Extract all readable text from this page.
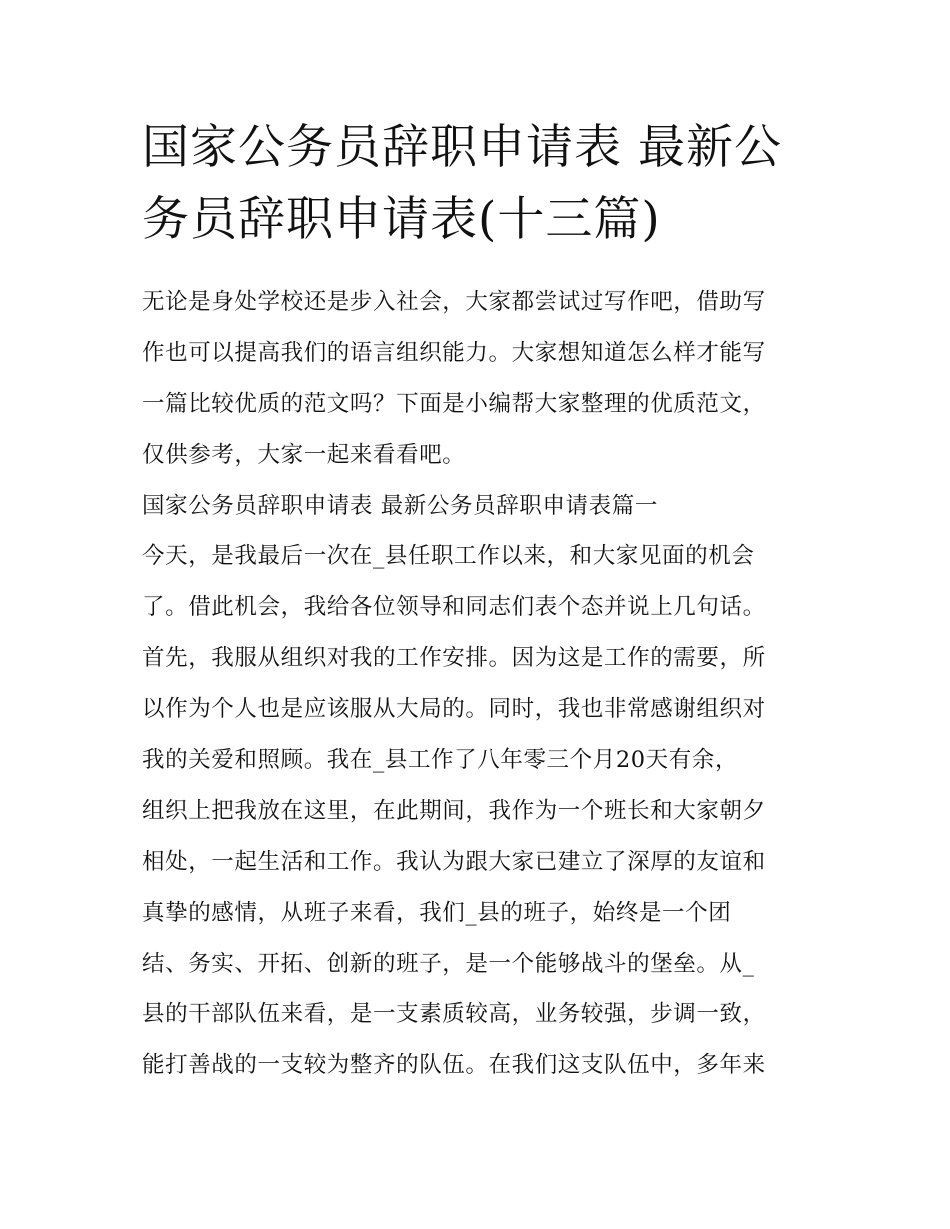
国家公务员辞职申请表 最新公
务员辞职申请表(十三篇)
无论是身处学校还是步入社会，大家都尝试过写作吧，借助写
作也可以提高我们的语言组织能力。大家想知道怎么样才能写
一篇比较优质的范文吗？下面是小编帮大家整理的优质范文，
仅供参考，大家一起来看看吧。
国家公务员辞职申请表 最新公务员辞职申请表篇一
今天，是我最后一次在_县任职工作以来，和大家见面的机会
了。借此机会，我给各位领导和同志们表个态并说上几句话。
首先，我服从组织对我的工作安排。因为这是工作的需要，所
以作为个人也是应该服从大局的。同时，我也非常感谢组织对
我的关爱和照顾。我在_县工作了八年零三个月20天有余，
组织上把我放在这里，在此期间，我作为一个班长和大家朝夕
相处，一起生活和工作。我认为跟大家已建立了深厚的友谊和
真挚的感情，从班子来看，我们_县的班子，始终是一个团
结、务实、开拓、创新的班子，是一个能够战斗的堡垒。从_
县的干部队伍来看，是一支素质较高，业务较强，步调一致，
能打善战的一支较为整齐的队伍。在我们这支队伍中，多年来
